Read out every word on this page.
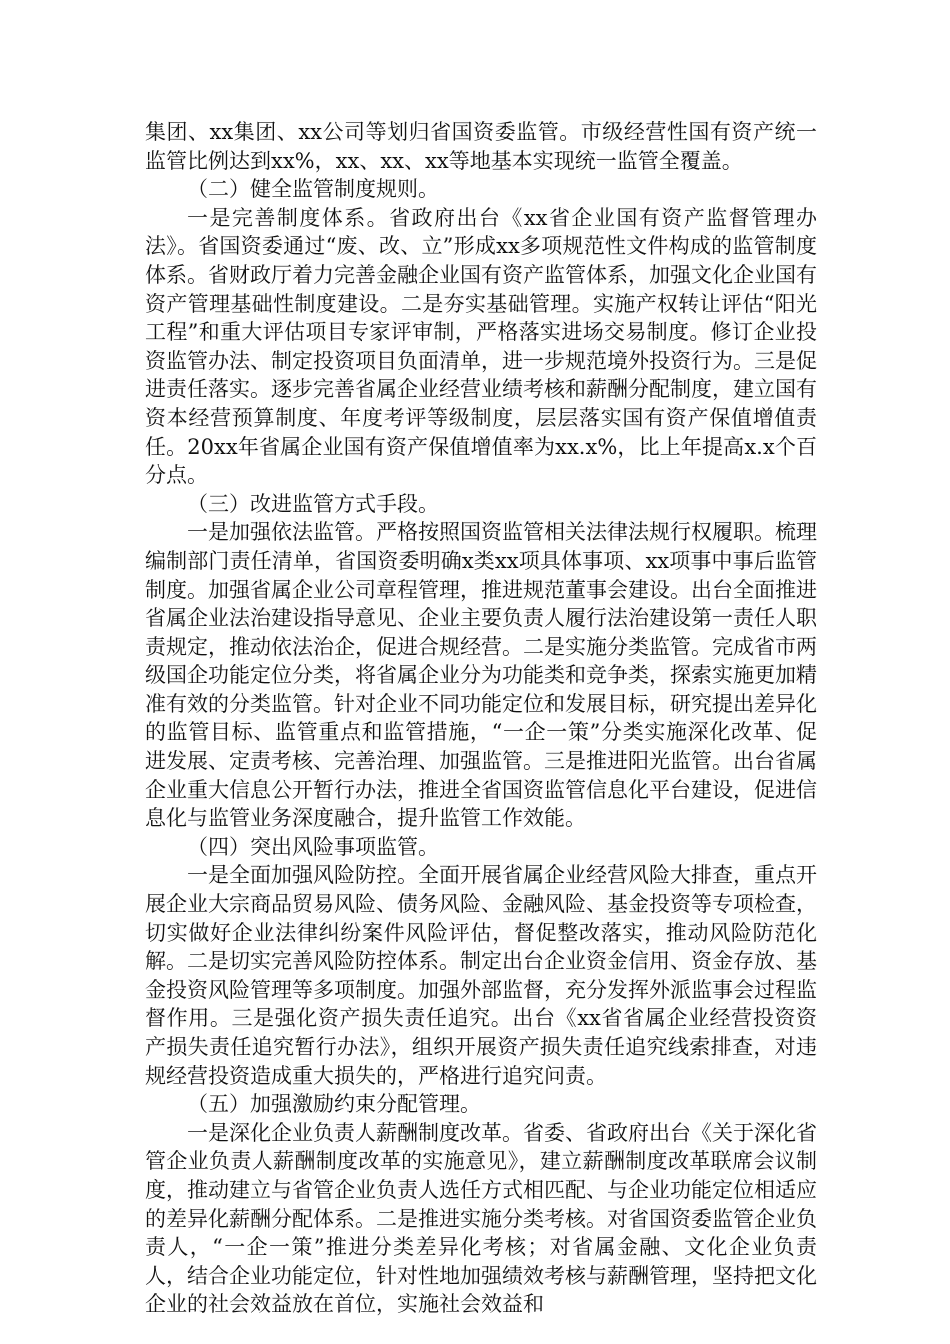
集团、xx集团、xx公司等划归省国资委监管。市级经营性国有资产统一监管比例达到xx%，xx、xx、xx等地基本实现统一监管全覆盖。

（二）健全监管制度规则。

一是完善制度体系。省政府出台《xx省企业国有资产监督管理办法》。省国资委通过“废、改、立”形成xx多项规范性文件构成的监管制度体系。省财政厅着力完善金融企业国有资产监管体系，加强文化企业国有资产管理基础性制度建设。二是夯实基础管理。实施产权转让评估“阳光工程”和重大评估项目专家评审制，严格落实进场交易制度。修订企业投资监管办法、制定投资项目负面清单，进一步规范境外投资行为。三是促进责任落实。逐步完善省属企业经营业绩考核和薪酬分配制度，建立国有资本经营预算制度、年度考评等级制度，层层落实国有资产保值增值责任。20xx年省属企业国有资产保值增值率为xx.x%，比上年提高x.x个百分点。

（三）改进监管方式手段。

一是加强依法监管。严格按照国资监管相关法律法规行权履职。梳理编制部门责任清单，省国资委明确x类xx项具体事项、xx项事中事后监管制度。加强省属企业公司章程管理，推进规范董事会建设。出台全面推进省属企业法治建设指导意见、企业主要负责人履行法治建设第一责任人职责规定，推动依法治企，促进合规经营。二是实施分类监管。完成省市两级国企功能定位分类，将省属企业分为功能类和竞争类，探索实施更加精准有效的分类监管。针对企业不同功能定位和发展目标，研究提出差异化的监管目标、监管重点和监管措施，“一企一策”分类实施深化改革、促进发展、定责考核、完善治理、加强监管。三是推进阳光监管。出台省属企业重大信息公开暂行办法，推进全省国资监管信息化平台建设，促进信息化与监管业务深度融合，提升监管工作效能。

（四）突出风险事项监管。

一是全面加强风险防控。全面开展省属企业经营风险大排查，重点开展企业大宗商品贸易风险、债务风险、金融风险、基金投资等专项检查，切实做好企业法律纠纷案件风险评估，督促整改落实，推动风险防范化解。二是切实完善风险防控体系。制定出台企业资金信用、资金存放、基金投资风险管理等多项制度。加强外部监督，充分发挥外派监事会过程监督作用。三是强化资产损失责任追究。出台《xx省省属企业经营投资资产损失责任追究暂行办法》，组织开展资产损失责任追究线索排查，对违规经营投资造成重大损失的，严格进行追究问责。

（五）加强激励约束分配管理。

一是深化企业负责人薪酬制度改革。省委、省政府出台《关于深化省管企业负责人薪酬制度改革的实施意见》，建立薪酬制度改革联席会议制度，推动建立与省管企业负责人选任方式相匹配、与企业功能定位相适应的差异化薪酬分配体系。二是推进实施分类考核。对省国资委监管企业负责人，“一企一策”推进分类差异化考核；对省属金融、文化企业负责人，结合企业功能定位，针对性地加强绩效考核与薪酬管理，坚持把文化企业的社会效益放在首位，实施社会效益和
